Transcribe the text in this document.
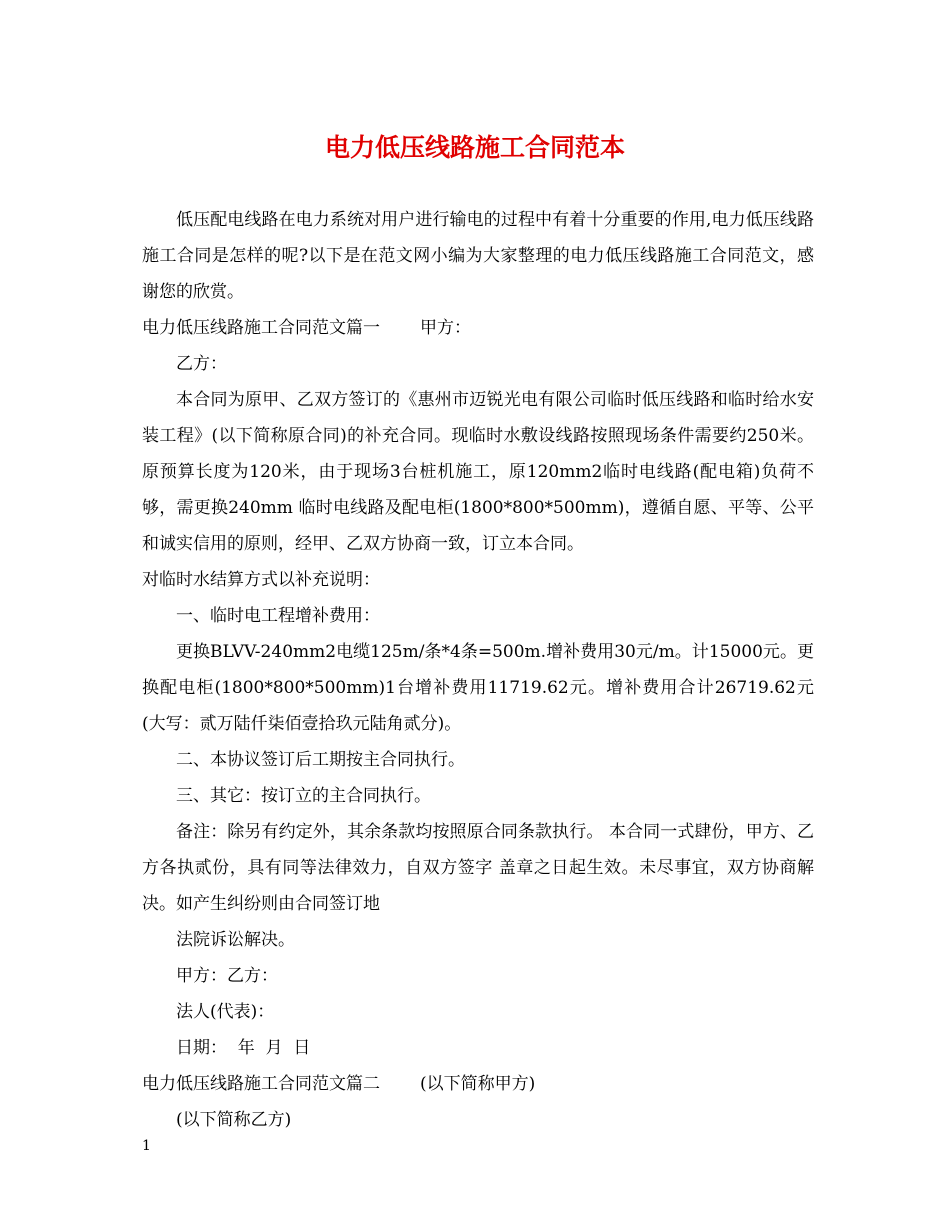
电力低压线路施工合同范本

低压配电线路在电力系统对用户进行输电的过程中有着十分重要的作用,电力低压线路施工合同是怎样的呢?以下是在范文网小编为大家整理的电力低压线路施工合同范文，感谢您的欣赏。

电力低压线路施工合同范文篇一 甲方：

乙方：

本合同为原甲、乙双方签订的《惠州市迈锐光电有限公司临时低压线路和临时给水安装工程》(以下简称原合同)的补充合同。现临时水敷设线路按照现场条件需要约250米。原预算长度为120米，由于现场3台桩机施工，原120mm2临时电线路(配电箱)负荷不够，需更换240mm 临时电线路及配电柜(1800*800*500mm)，遵循自愿、平等、公平和诚实信用的原则，经甲、乙双方协商一致，订立本合同。

对临时水结算方式以补充说明：

一、临时电工程增补费用：

更换BLVV-240mm2电缆125m/条*4条=500m.增补费用30元/m。计15000元。更换配电柜(1800*800*500mm)1台增补费用11719.62元。增补费用合计26719.62元(大写：贰万陆仟柒佰壹拾玖元陆角贰分)。

二、本协议签订后工期按主合同执行。

三、其它：按订立的主合同执行。

备注：除另有约定外，其余条款均按照原合同条款执行。 本合同一式肆份，甲方、乙方各执贰份，具有同等法律效力，自双方签字 盖章之日起生效。未尽事宜，双方协商解决。如产生纠纷则由合同签订地

法院诉讼解决。

甲方：乙方：

法人(代表)：

日期：  年  月  日

电力低压线路施工合同范文篇二 (以下简称甲方)

(以下简称乙方)

1
